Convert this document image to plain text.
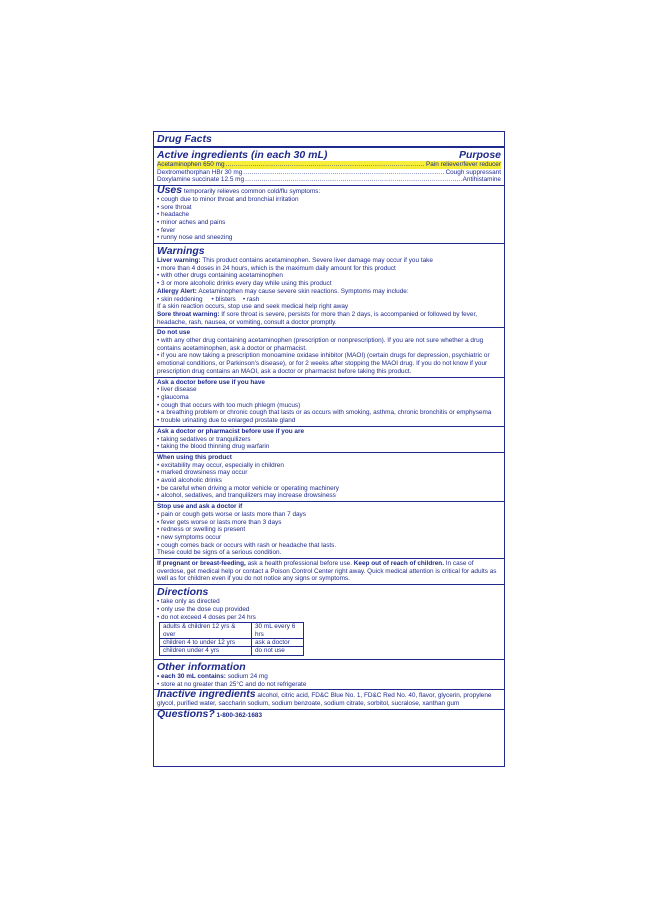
Drug Facts
Active ingredients (in each 30 mL)	Purpose
Acetaminophen 650 mg .....	Pain reliever/fever reducer
Dextromethorphan HBr 30 mg .....	Cough suppressant
Doxylamine succinate 12.5 mg .....	Antihistamine
Uses temporarily relieves common cold/flu symptoms:
• cough due to minor throat and bronchial irritation
• sore throat
• headache
• minor aches and pains
• fever
• runny nose and sneezing
Warnings
Liver warning: This product contains acetaminophen. Severe liver damage may occur if you take
• more than 4 doses in 24 hours, which is the maximum daily amount for this product
• with other drugs containing acetaminophen
• 3 or more alcoholic drinks every day while using this product
Allergy Alert: Acetaminophen may cause severe skin reactions. Symptoms may include:
• skin reddening • blisters • rash
If a skin reaction occurs, stop use and seek medical help right away
Sore throat warning: If sore throat is severe, persists for more than 2 days, is accompanied or followed by fever, headache, rash, nausea, or vomiting, consult a doctor promptly.
Do not use
• with any other drug containing acetaminophen (prescription or nonprescription). If you are not sure whether a drug contains acetaminophen, ask a doctor or pharmacist.
• if you are now taking a prescription monoamine oxidase inhibitor (MAOI) (certain drugs for depression, psychiatric or emotional conditions, or Parkinson's disease), or for 2 weeks after stopping the MAOI drug. If you do not know if your prescription drug contains an MAOI, ask a doctor or pharmacist before taking this product.
Ask a doctor before use if you have
• liver disease
• glaucoma
• cough that occurs with too much phlegm (mucus)
• a breathing problem or chronic cough that lasts or as occurs with smoking, asthma, chronic bronchitis or emphysema
• trouble urinating due to enlarged prostate gland
Ask a doctor or pharmacist before use if you are
• taking sedatives or tranquilizers
• taking the blood thinning drug warfarin
When using this product
• excitability may occur, especially in children
• marked drowsiness may occur
• avoid alcoholic drinks
• be careful when driving a motor vehicle or operating machinery
• alcohol, sedatives, and tranquilizers may increase drowsiness
Stop use and ask a doctor if
• pain or cough gets worse or lasts more than 7 days
• fever gets worse or lasts more than 3 days
• redness or swelling is present
• new symptoms occur
• cough comes back or occurs with rash or headache that lasts.
These could be signs of a serious condition.
If pregnant or breast-feeding, ask a health professional before use. Keep out of reach of children. In case of overdose, get medical help or contact a Poison Control Center right away. Quick medical attention is critical for adults as well as for children even if you do not notice any signs or symptoms.
Directions
• take only as directed
• only use the dose cup provided
• do not exceed 4 doses per 24 hrs
adults & children 12 yrs & over	30 mL every 6 hrs
children 4 to under 12 yrs	ask a doctor
children under 4 yrs	do not use
Other information
• each 30 mL contains: sodium 24 mg
• store at no greater than 25°C and do not refrigerate
Inactive ingredients alcohol, citric acid, FD&C Blue No. 1, FD&C Red No. 40, flavor, glycerin, propylene glycol, purified water, saccharin sodium, sodium benzoate, sodium citrate, sorbitol, sucralose, xanthan gum
Questions? 1-800-362-1683
